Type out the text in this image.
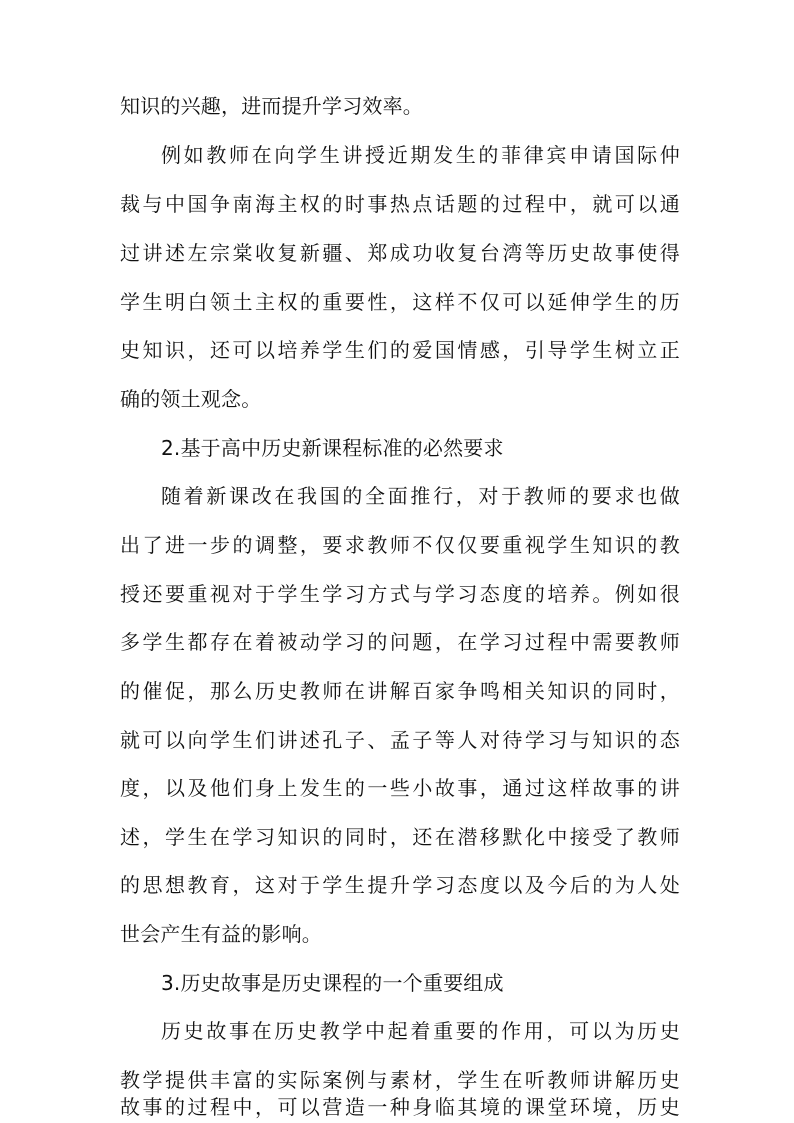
知识的兴趣，进而提升学习效率。
例如教师在向学生讲授近期发生的菲律宾申请国际仲
裁与中国争南海主权的时事热点话题的过程中，就可以通
过讲述左宗棠收复新疆、郑成功收复台湾等历史故事使得
学生明白领土主权的重要性，这样不仅可以延伸学生的历
史知识，还可以培养学生们的爱国情感，引导学生树立正
确的领土观念。
2.基于高中历史新课程标准的必然要求
随着新课改在我国的全面推行，对于教师的要求也做
出了进一步的调整，要求教师不仅仅要重视学生知识的教
授还要重视对于学生学习方式与学习态度的培养。例如很
多学生都存在着被动学习的问题，在学习过程中需要教师
的催促，那么历史教师在讲解百家争鸣相关知识的同时，
就可以向学生们讲述孔子、孟子等人对待学习与知识的态
度，以及他们身上发生的一些小故事，通过这样故事的讲
述，学生在学习知识的同时，还在潜移默化中接受了教师
的思想教育，这对于学生提升学习态度以及今后的为人处
世会产生有益的影响。
3.历史故事是历史课程的一个重要组成
历史故事在历史教学中起着重要的作用，可以为历史
教学提供丰富的实际案例与素材，学生在听教师讲解历史
故事的过程中，可以营造一种身临其境的课堂环境，历史
